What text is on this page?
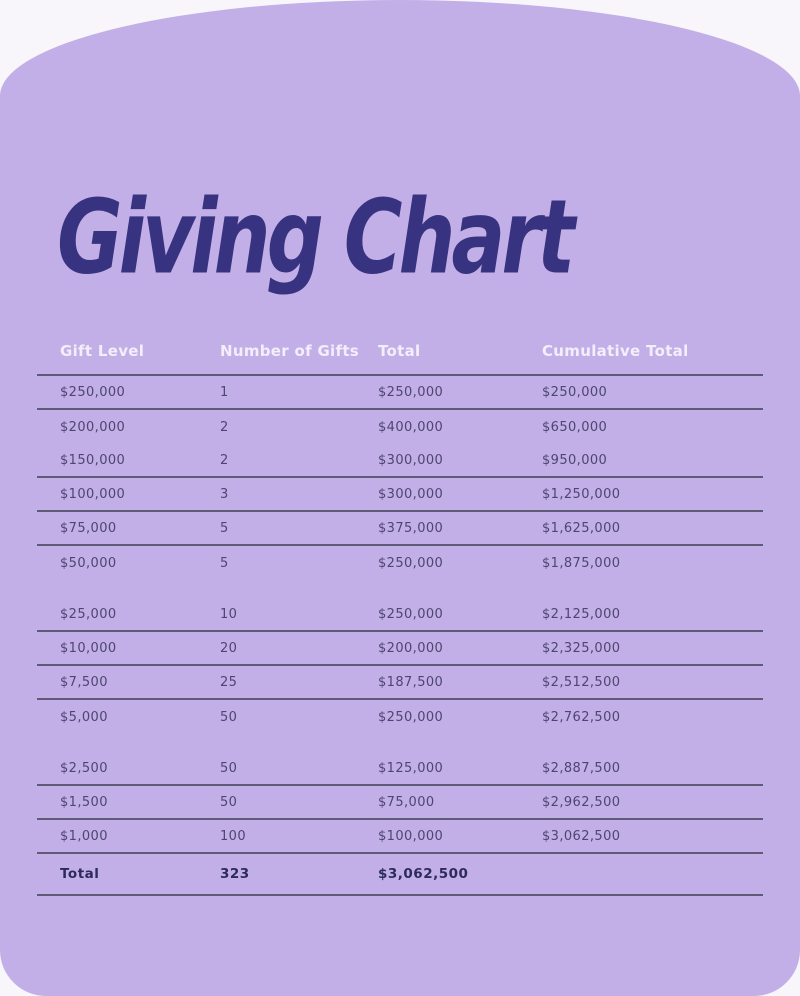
Giving Chart
Gift Level	Number of Gifts	Total	Cumulative Total
$250,000	1	$250,000	$250,000
$200,000	2	$400,000	$650,000
$150,000	2	$300,000	$950,000
$100,000	3	$300,000	$1,250,000
$75,000	5	$375,000	$1,625,000
$50,000	5	$250,000	$1,875,000
$25,000	10	$250,000	$2,125,000
$10,000	20	$200,000	$2,325,000
$7,500	25	$187,500	$2,512,500
$5,000	50	$250,000	$2,762,500
$2,500	50	$125,000	$2,887,500
$1,500	50	$75,000	$2,962,500
$1,000	100	$100,000	$3,062,500
Total	323	$3,062,500
